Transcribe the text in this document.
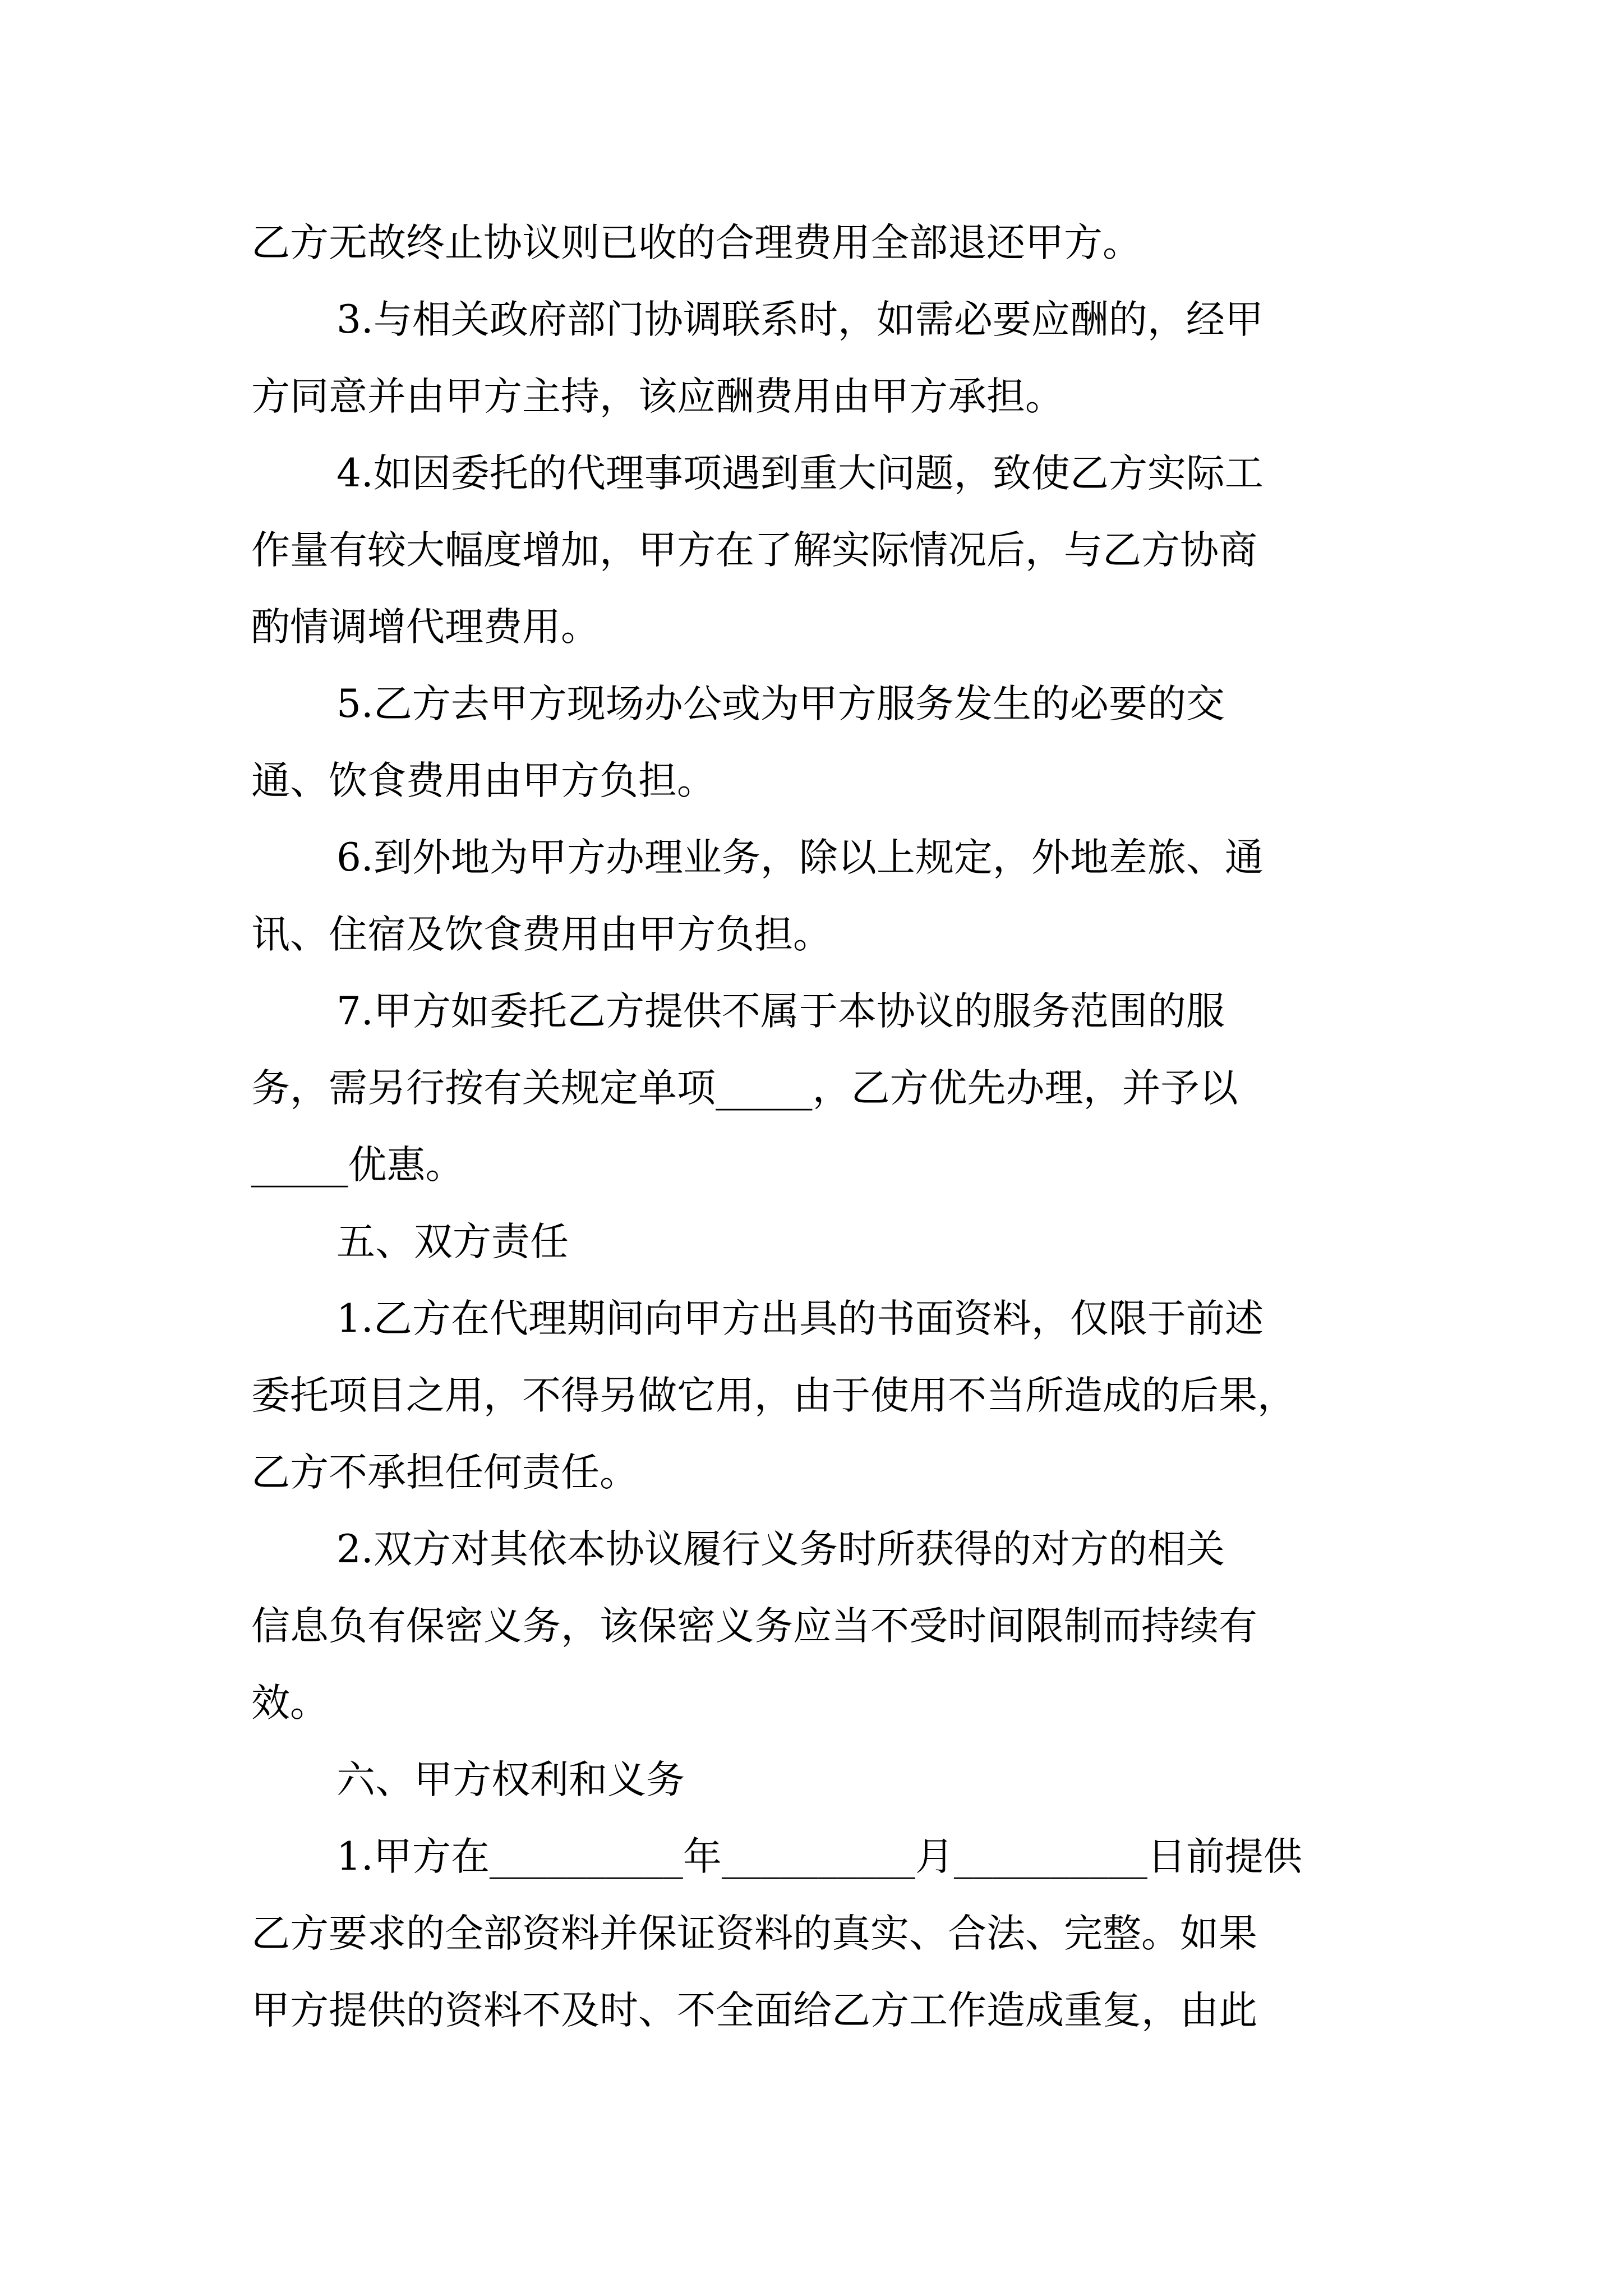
乙方无故终止协议则已收的合理费用全部退还甲方。
3.与相关政府部门协调联系时，如需必要应酬的，经甲
方同意并由甲方主持，该应酬费用由甲方承担。
4.如因委托的代理事项遇到重大问题，致使乙方实际工
作量有较大幅度增加，甲方在了解实际情况后，与乙方协商
酌情调增代理费用。
5.乙方去甲方现场办公或为甲方服务发生的必要的交
通、饮食费用由甲方负担。
6.到外地为甲方办理业务，除以上规定，外地差旅、通
讯、住宿及饮食费用由甲方负担。
7.甲方如委托乙方提供不属于本协议的服务范围的服
务，需另行按有关规定单项_____，乙方优先办理，并予以
_____优惠。
五、双方责任
1.乙方在代理期间向甲方出具的书面资料，仅限于前述
委托项目之用，不得另做它用，由于使用不当所造成的后果，
乙方不承担任何责任。
2.双方对其依本协议履行义务时所获得的对方的相关
信息负有保密义务，该保密义务应当不受时间限制而持续有
效。
六、甲方权利和义务
1.甲方在__________年__________月__________日前提供
乙方要求的全部资料并保证资料的真实、合法、完整。如果
甲方提供的资料不及时、不全面给乙方工作造成重复，由此
